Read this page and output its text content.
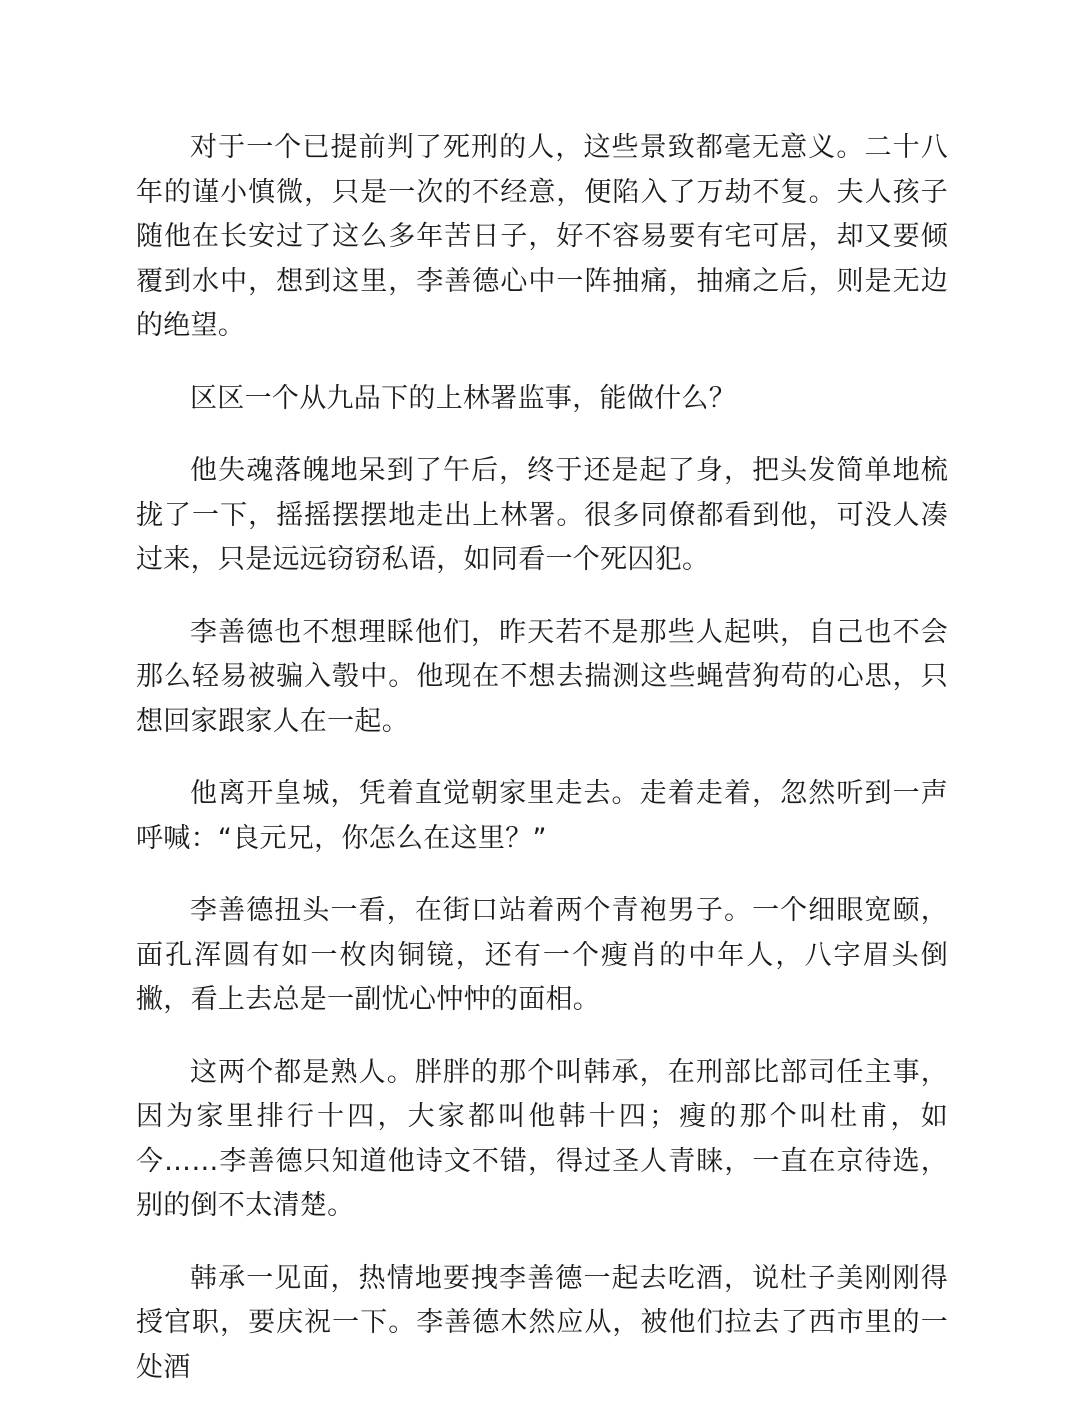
对于一个已提前判了死刑的人，这些景致都毫无意义。二十八年的谨小慎微，只是一次的不经意，便陷入了万劫不复。夫人孩子随他在长安过了这么多年苦日子，好不容易要有宅可居，却又要倾覆到水中，想到这里，李善德心中一阵抽痛，抽痛之后，则是无边的绝望。

区区一个从九品下的上林署监事，能做什么？

他失魂落魄地呆到了午后，终于还是起了身，把头发简单地梳拢了一下，摇摇摆摆地走出上林署。很多同僚都看到他，可没人凑过来，只是远远窃窃私语，如同看一个死囚犯。

李善德也不想理睬他们，昨天若不是那些人起哄，自己也不会那么轻易被骗入彀中。他现在不想去揣测这些蝇营狗苟的心思，只想回家跟家人在一起。

他离开皇城，凭着直觉朝家里走去。走着走着，忽然听到一声呼喊：“良元兄，你怎么在这里？”

李善德扭头一看，在街口站着两个青袍男子。一个细眼宽颐，面孔浑圆有如一枚肉铜镜，还有一个瘦肖的中年人，八字眉头倒撇，看上去总是一副忧心忡忡的面相。

这两个都是熟人。胖胖的那个叫韩承，在刑部比部司任主事，因为家里排行十四，大家都叫他韩十四；瘦的那个叫杜甫，如今……李善德只知道他诗文不错，得过圣人青睐，一直在京待选，别的倒不太清楚。

韩承一见面，热情地要拽李善德一起去吃酒，说杜子美刚刚得授官职，要庆祝一下。李善德木然应从，被他们拉去了西市里的一处酒
